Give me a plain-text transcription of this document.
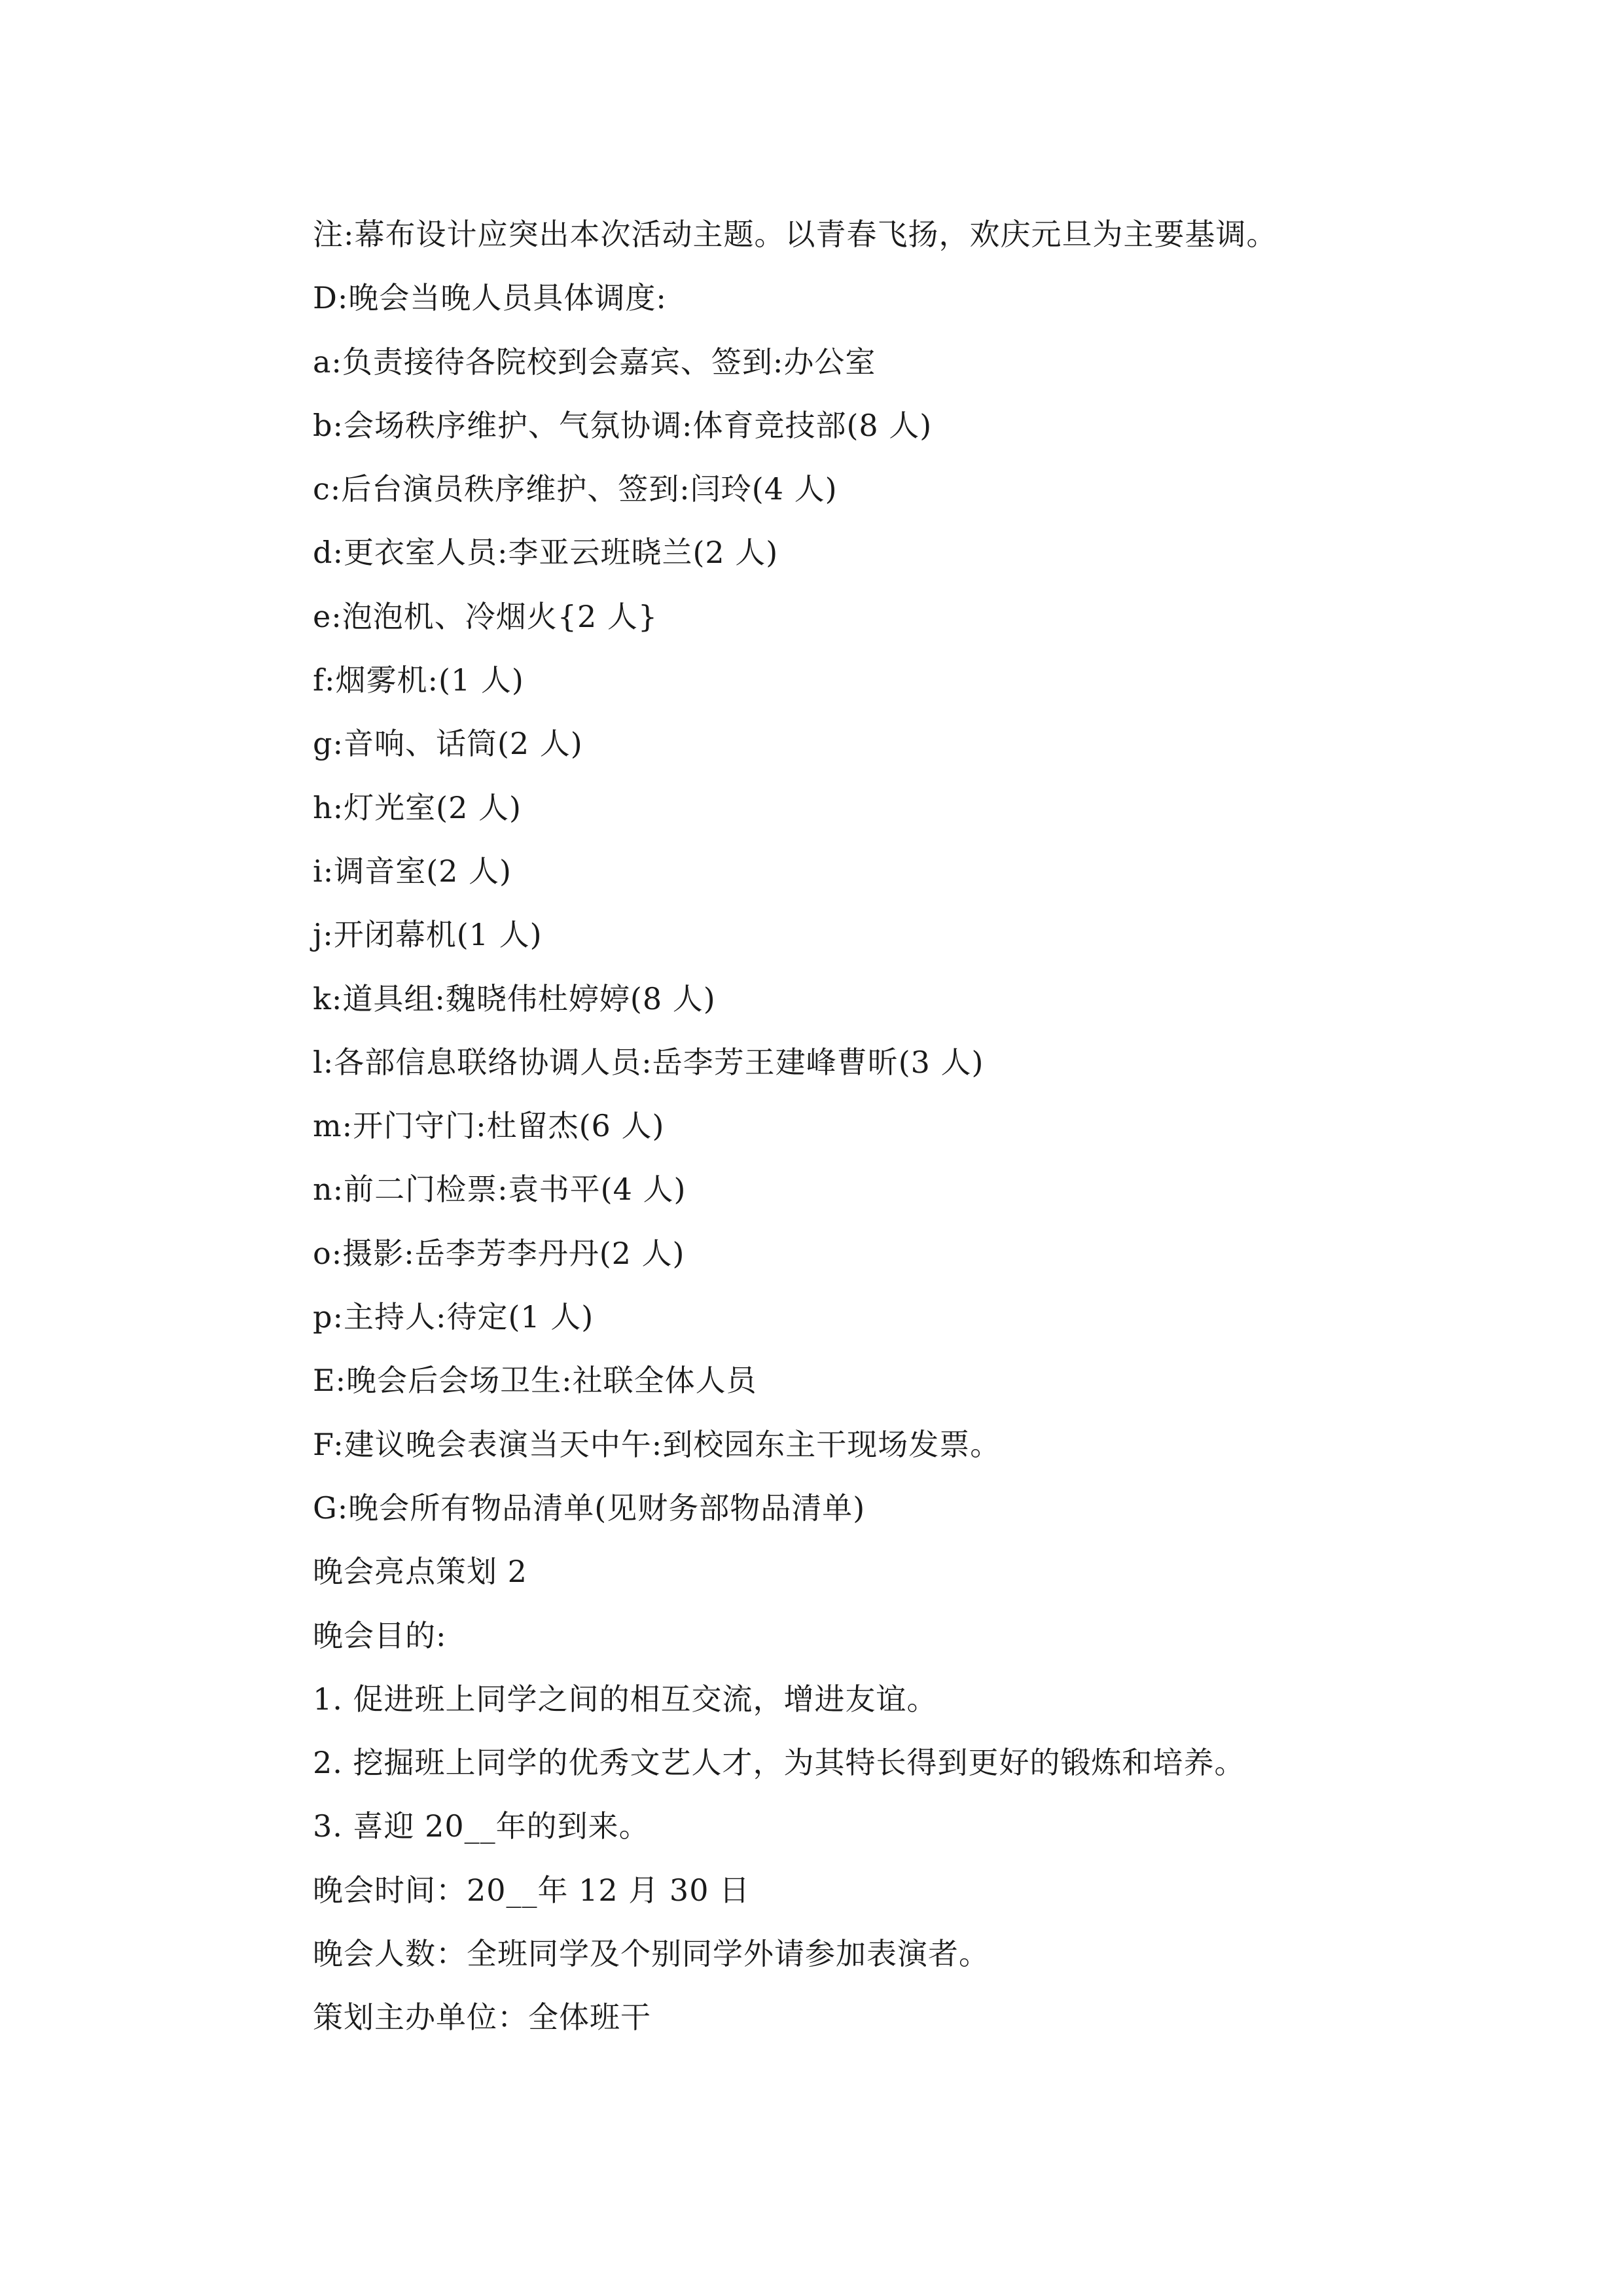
注:幕布设计应突出本次活动主题。以青春飞扬，欢庆元旦为主要基调。
D:晚会当晚人员具体调度:
a:负责接待各院校到会嘉宾、签到:办公室
b:会场秩序维护、气氛协调:体育竞技部(8 人)
c:后台演员秩序维护、签到:闫玲(4 人)
d:更衣室人员:李亚云班晓兰(2 人)
e:泡泡机、冷烟火{2 人}
f:烟雾机:(1 人)
g:音响、话筒(2 人)
h:灯光室(2 人)
i:调音室(2 人)
j:开闭幕机(1 人)
k:道具组:魏晓伟杜婷婷(8 人)
l:各部信息联络协调人员:岳李芳王建峰曹昕(3 人)
m:开门守门:杜留杰(6 人)
n:前二门检票:袁书平(4 人)
o:摄影:岳李芳李丹丹(2 人)
p:主持人:待定(1 人)
E:晚会后会场卫生:社联全体人员
F:建议晚会表演当天中午:到校园东主干现场发票。
G:晚会所有物品清单(见财务部物品清单)
晚会亮点策划 2
晚会目的:
1. 促进班上同学之间的相互交流，增进友谊。
2. 挖掘班上同学的优秀文艺人才，为其特长得到更好的锻炼和培养。
3. 喜迎 20__年的到来。
晚会时间：20__年 12 月 30 日
晚会人数：全班同学及个别同学外请参加表演者。
策划主办单位：全体班干
